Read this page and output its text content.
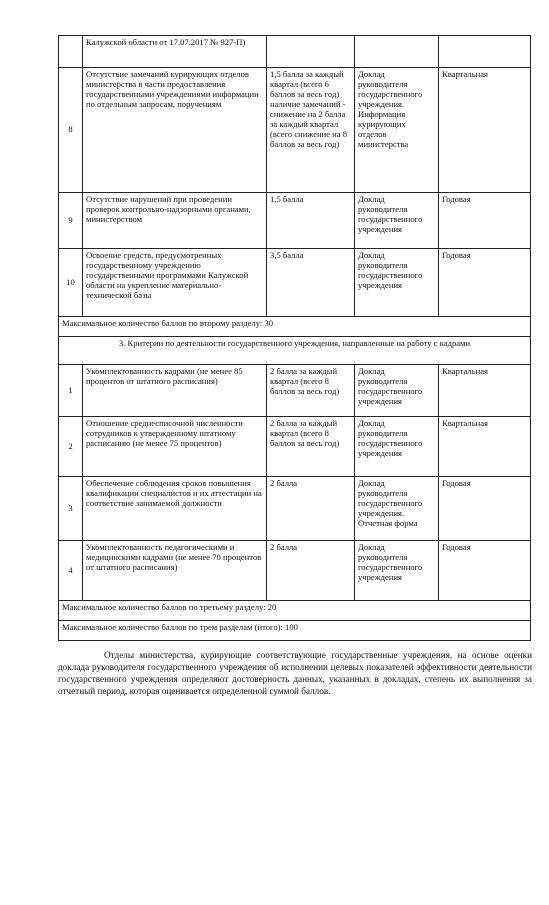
	Калужской области от 17.07.2017 № 927-П)			
8	Отсутствие замечаний курирующих отделов министерства в части предоставления государственными учреждениями информации по отдельным запросам, поручениям	1,5 балла за каждый квартал (всего 6 баллов за весь год) наличие замечаний - снижение на 2 балла за каждый квартал (всего снижение на 8 баллов за весь год)	Доклад руководителя государственного учреждения. Информация курирующих отделов министерства	Квартальная
9	Отсутствие нарушений при проведении проверок контрольно-надзорными органами, министерством	1,5 балла	Доклад руководителя государственного учреждения	Годовая
10	Освоение средств, предусмотренных государственному учреждению государственными программами Калужской области на укрепление материально-технической базы	3,5 балла	Доклад руководителя государственного учреждения	Годовая
Максимальное количество баллов по второму разделу: 30				
3. Критерии по деятельности государственного учреждения, направленные на работу с кадрами				
1	Укомплектованность кадрами (не менее 85 процентов от штатного расписания)	2 балла за каждый квартал (всего 8 баллов за весь год)	Доклад руководителя государственного учреждения	Квартальная
2	Отношение среднесписочной численности сотрудников к утвержденному штатному расписанию (не менее 75 процентов)	2 балла за каждый квартал (всего 8 баллов за весь год)	Доклад руководителя государственного учреждения	Квартальная
3	Обеспечение соблюдения сроков повышения квалификации специалистов и их аттестации на соответствие занимаемой должности	2 балла	Доклад руководителя государственного учреждения. Отчетная форма	Годовая
4	Укомплектованность педагогическими и медицинскими кадрами (не менее 70 процентов от штатного расписания)	2 балла	Доклад руководителя государственного учреждения	Годовая
Максимальное количество баллов по третьему разделу: 20				
Максимальное количество баллов по трем разделам (итого): 100				

Отделы министерства, курирующие соответствующие государственные учреждения, на основе оценки доклада руководителя государственного учреждения об исполнении целевых показателей эффективности деятельности государственного учреждения определяют достоверность данных, указанных в докладах, степень их выполнения за отчетный период, которая оценивается определенной суммой баллов.
